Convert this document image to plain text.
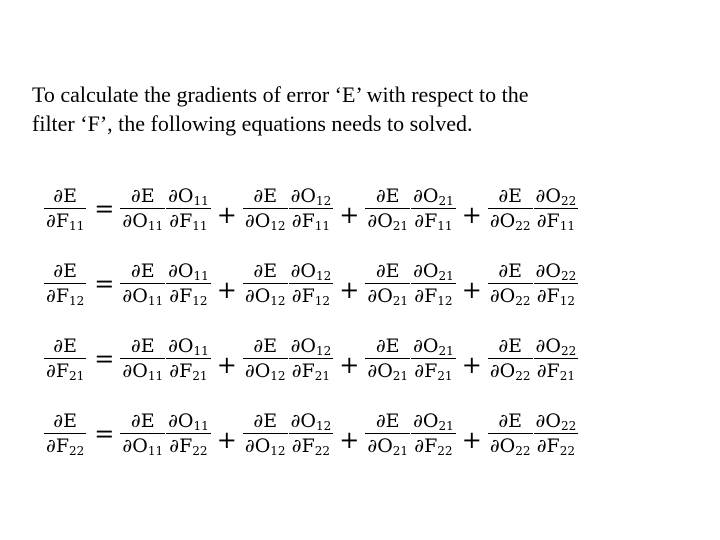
To calculate the gradients of error ‘E’ with respect to the
filter ‘F’, the following equations needs to solved.
$\frac{\partial E}{\partial F_{11}} = \frac{\partial E}{\partial O_{11}} \frac{\partial O_{11}}{\partial F_{11}} + \frac{\partial E}{\partial O_{12}} \frac{\partial O_{12}}{\partial F_{11}} + \frac{\partial E}{\partial O_{21}} \frac{\partial O_{21}}{\partial F_{11}} + \frac{\partial E}{\partial O_{22}} \frac{\partial O_{22}}{\partial F_{11}}$
$\frac{\partial E}{\partial F_{12}} = \frac{\partial E}{\partial O_{11}} \frac{\partial O_{11}}{\partial F_{12}} + \frac{\partial E}{\partial O_{12}} \frac{\partial O_{12}}{\partial F_{12}} + \frac{\partial E}{\partial O_{21}} \frac{\partial O_{21}}{\partial F_{12}} + \frac{\partial E}{\partial O_{22}} \frac{\partial O_{22}}{\partial F_{12}}$
$\frac{\partial E}{\partial F_{21}} = \frac{\partial E}{\partial O_{11}} \frac{\partial O_{11}}{\partial F_{21}} + \frac{\partial E}{\partial O_{12}} \frac{\partial O_{12}}{\partial F_{21}} + \frac{\partial E}{\partial O_{21}} \frac{\partial O_{21}}{\partial F_{21}} + \frac{\partial E}{\partial O_{22}} \frac{\partial O_{22}}{\partial F_{21}}$
$\frac{\partial E}{\partial F_{22}} = \frac{\partial E}{\partial O_{11}} \frac{\partial O_{11}}{\partial F_{22}} + \frac{\partial E}{\partial O_{12}} \frac{\partial O_{12}}{\partial F_{22}} + \frac{\partial E}{\partial O_{21}} \frac{\partial O_{21}}{\partial F_{22}} + \frac{\partial E}{\partial O_{22}} \frac{\partial O_{22}}{\partial F_{22}}$
